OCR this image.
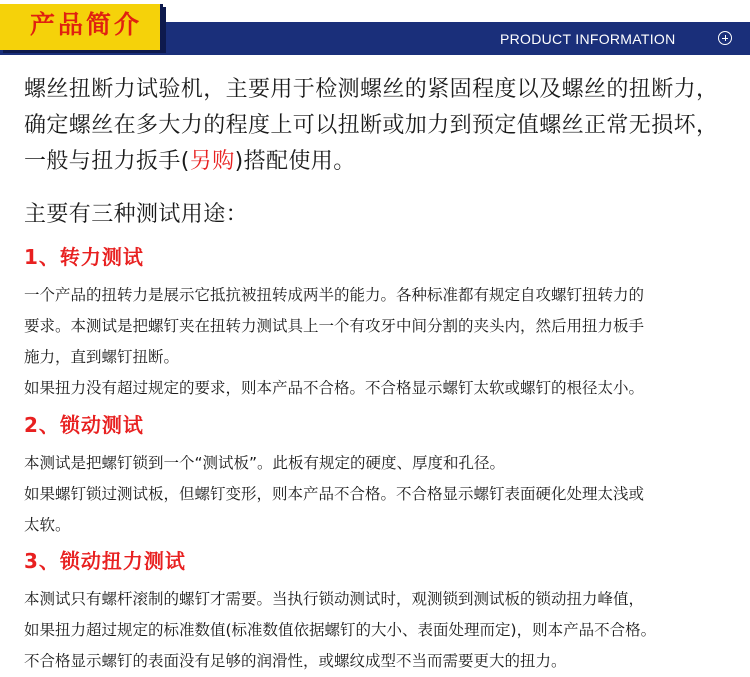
产品简介	PRODUCT INFORMATION

螺丝扭断力试验机，主要用于检测螺丝的紧固程度以及螺丝的扭断力，

确定螺丝在多大力的程度上可以扭断或加力到预定值螺丝正常无损坏，

一般与扭力扳手(另购)搭配使用。

主要有三种测试用途：
1、转力测试

一个产品的扭转力是展示它抵抗被扭转成两半的能力。各种标准都有规定自攻螺钉扭转力的

要求。本测试是把螺钉夹在扭转力测试具上一个有攻牙中间分割的夹头内，然后用扭力板手

施力，直到螺钉扭断。

如果扭力没有超过规定的要求，则本产品不合格。不合格显示螺钉太软或螺钉的根径太小。

2、锁动测试

本测试是把螺钉锁到一个“测试板”。此板有规定的硬度、厚度和孔径。

如果螺钉锁过测试板，但螺钉变形，则本产品不合格。不合格显示螺钉表面硬化处理太浅或

太软。

3、锁动扭力测试

本测试只有螺杆滚制的螺钉才需要。当执行锁动测试时，观测锁到测试板的锁动扭力峰值，

如果扭力超过规定的标准数值(标准数值依据螺钉的大小、表面处理而定)，则本产品不合格。

不合格显示螺钉的表面没有足够的润滑性，或螺纹成型不当而需要更大的扭力。
